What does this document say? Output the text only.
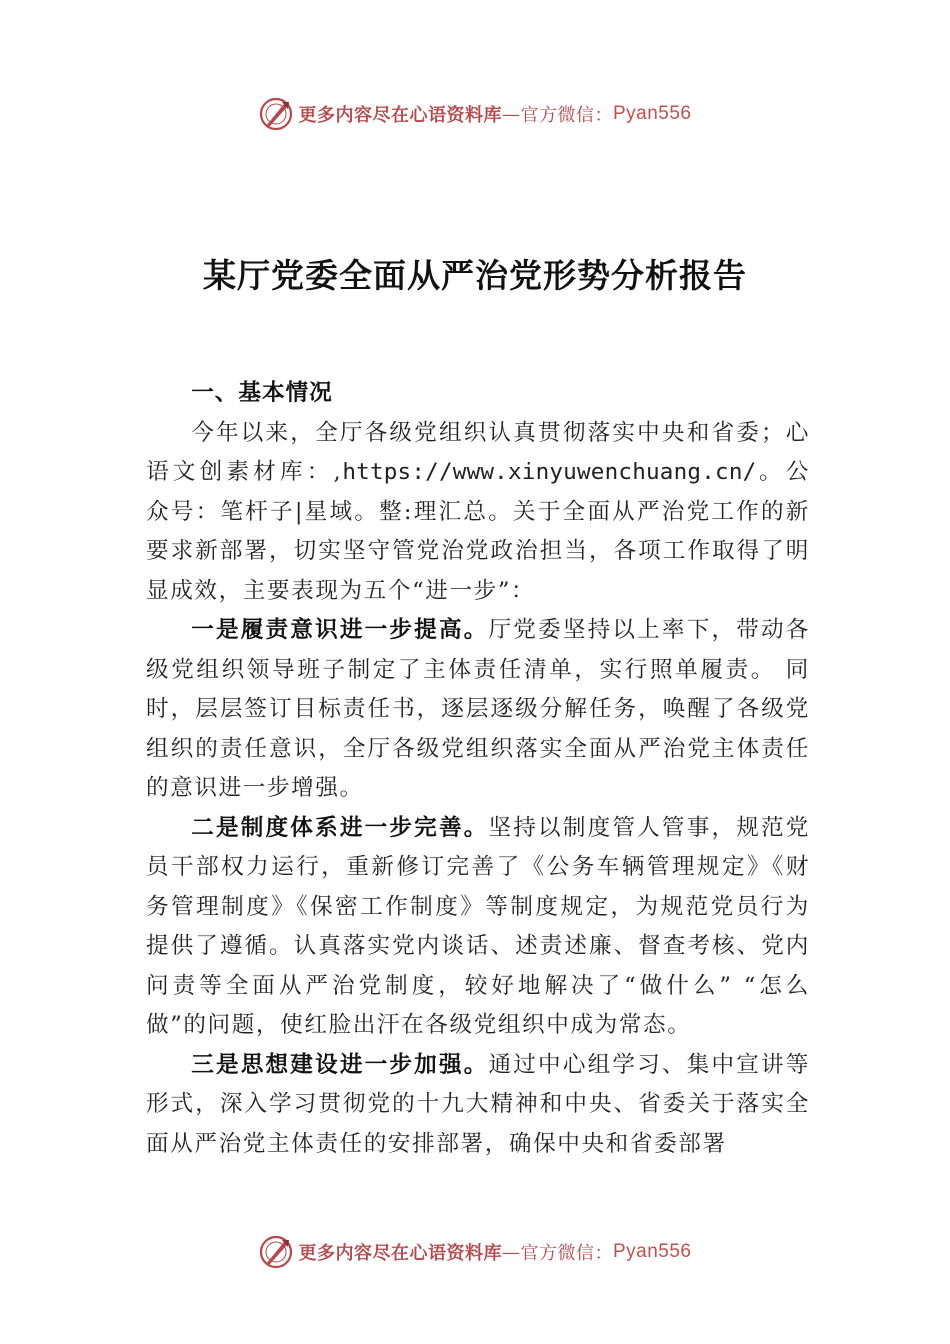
更多内容尽在心语资料库 — 官方微信： Pyan556
某厅党委全面从严治党形势分析报告
一、基本情况

今年以来，全厅各级党组织认真贯彻落实中央和省委；心语文创素材库：,https://www.xinyuwenchuang.cn/。公众号：笔杆子|星域。整:理汇总。关于全面从严治党工作的新要求新部署，切实坚守管党治党政治担当，各项工作取得了明显成效，主要表现为五个“进一步”：

一是履责意识进一步提高。厅党委坚持以上率下，带动各级党组织领导班子制定了主体责任清单，实行照单履责。 同时，层层签订目标责任书，逐层逐级分解任务，唤醒了各级党组织的责任意识，全厅各级党组织落实全面从严治党主体责任的意识进一步增强。

二是制度体系进一步完善。坚持以制度管人管事，规范党员干部权力运行，重新修订完善了《公务车辆管理规定》《财务管理制度》《保密工作制度》等制度规定，为规范党员行为提供了遵循。认真落实党内谈话、述责述廉、督查考核、党内问责等全面从严治党制度，较好地解决了“做什么” “怎么做”的问题，使红脸出汗在各级党组织中成为常态。

三是思想建设进一步加强。通过中心组学习、集中宣讲等形式，深入学习贯彻党的十九大精神和中央、省委关于落实全面从严治党主体责任的安排部署，确保中央和省委部署

更多内容尽在心语资料库 — 官方微信： Pyan556
